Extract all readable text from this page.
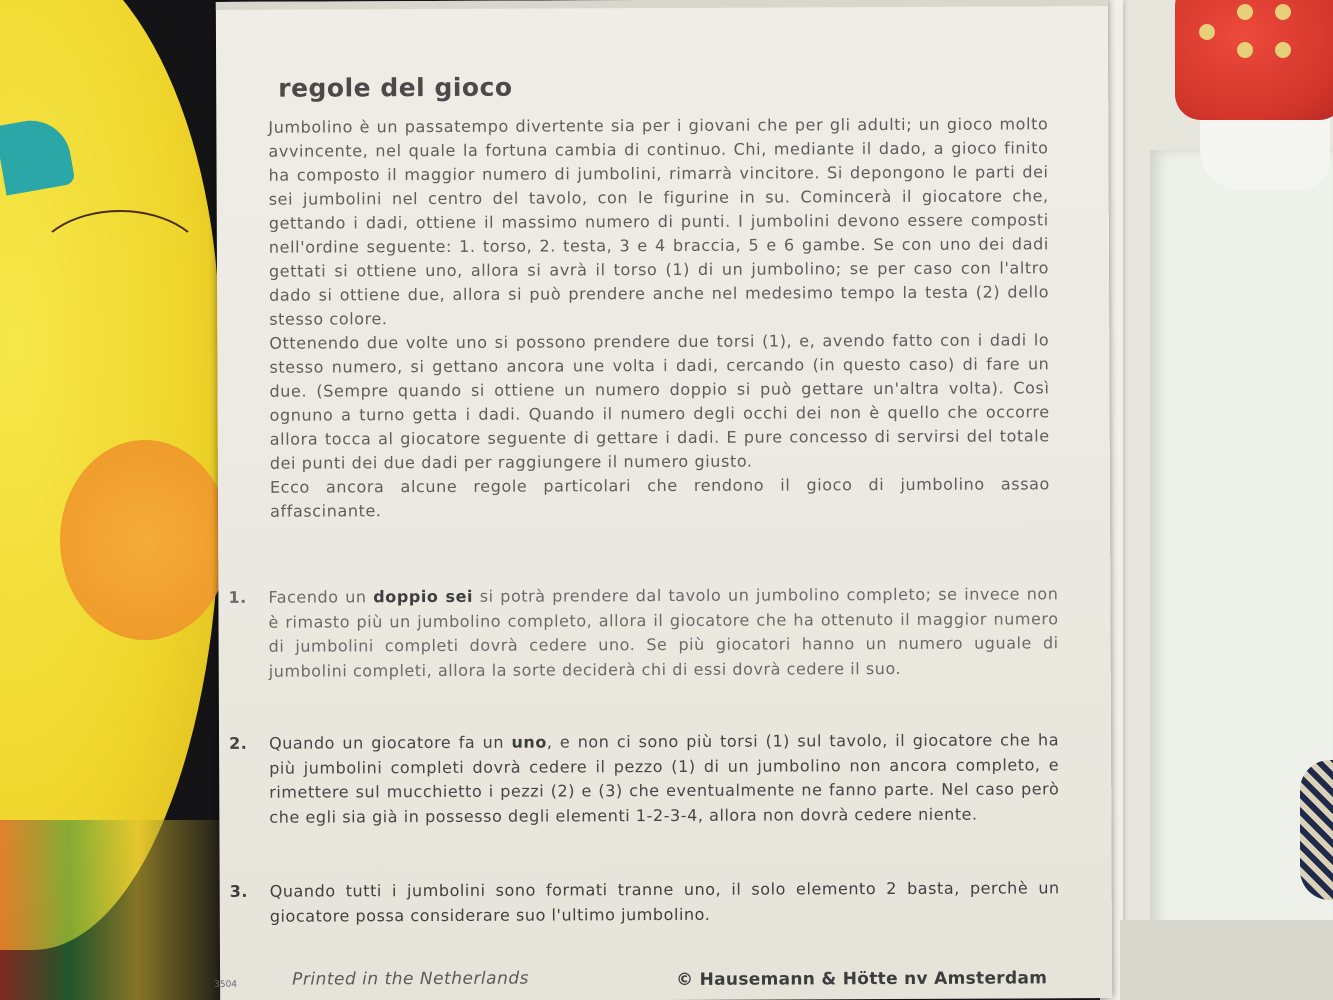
regole del gioco

Jumbolino è un passatempo divertente sia per i giovani che per gli adulti; un gioco molto avvincente, nel quale la fortuna cambia di continuo. Chi, mediante il dado, a gioco finito ha composto il maggior numero di jumbolini, rimarrà vincitore. Si depongono le parti dei sei jumbolini nel centro del tavolo, con le figurine in su. Comincerà il giocatore che, gettando i dadi, ottiene il massimo numero di punti. I jumbolini devono essere composti nell'ordine seguente: 1. torso, 2. testa, 3 e 4 braccia, 5 e 6 gambe. Se con uno dei dadi gettati si ottiene uno, allora si avrà il torso (1) di un jumbolino; se per caso con l'altro dado si ottiene due, allora si può prendere anche nel medesimo tempo la testa (2) dello stesso colore.

Ottenendo due volte uno si possono prendere due torsi (1), e, avendo fatto con i dadi lo stesso numero, si gettano ancora une volta i dadi, cercando (in questo caso) di fare un due. (Sempre quando si ottiene un numero doppio si può gettare un'altra volta). Così ognuno a turno getta i dadi. Quando il numero degli occhi dei non è quello che occorre allora tocca al giocatore seguente di gettare i dadi. E pure concesso di servirsi del totale dei punti dei due dadi per raggiungere il numero giusto.

Ecco ancora alcune regole particolari che rendono il gioco di jumbolino assao affascinante.

1. Facendo un doppio sei si potrà prendere dal tavolo un jumbolino completo; se invece non è rimasto più un jumbolino completo, allora il giocatore che ha ottenuto il maggior numero di jumbolini completi dovrà cedere uno. Se più giocatori hanno un numero uguale di jumbolini completi, allora la sorte deciderà chi di essi dovrà cedere il suo.
2. Quando un giocatore fa un uno, e non ci sono più torsi (1) sul tavolo, il giocatore che ha più jumbolini completi dovrà cedere il pezzo (1) di un jumbolino non ancora completo, e rimettere sul mucchietto i pezzi (2) e (3) che eventualmente ne fanno parte. Nel caso però che egli sia già in possesso degli elementi 1-2-3-4, allora non dovrà cedere niente.
3. Quando tutti i jumbolini sono formati tranne uno, il solo elemento 2 basta, perchè un giocatore possa considerare suo l'ultimo jumbolino.
3504	Printed in the Netherlands	© Hausemann & Hötte nv Amsterdam
